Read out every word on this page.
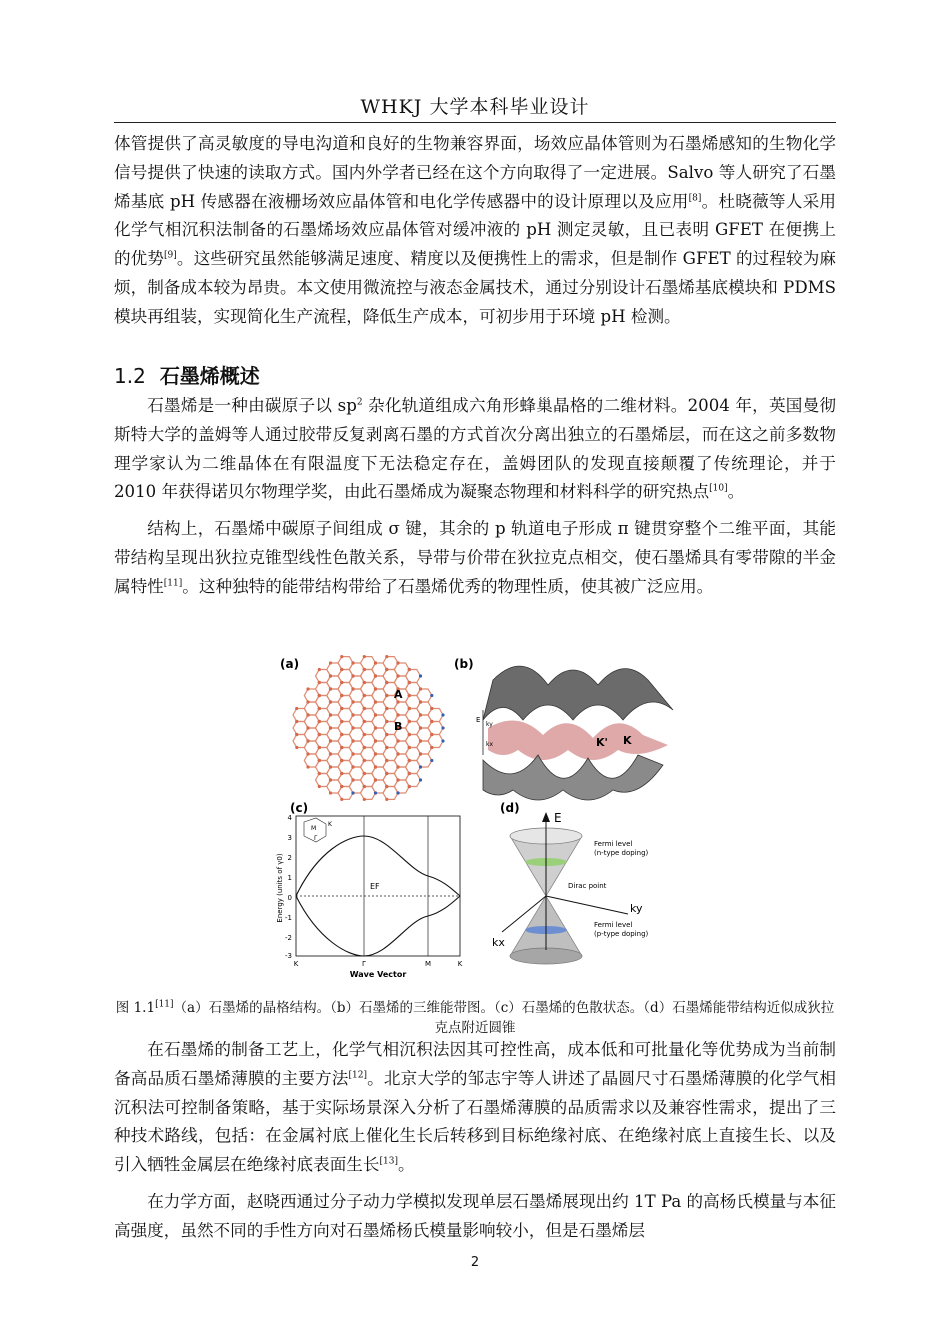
WHKJ 大学本科毕业设计

体管提供了高灵敏度的导电沟道和良好的生物兼容界面，场效应晶体管则为石墨烯感知的生物化学信号提供了快速的读取方式。国内外学者已经在这个方向取得了一定进展。Salvo 等人研究了石墨烯基底 pH 传感器在液栅场效应晶体管和电化学传感器中的设计原理以及应用[8]。杜晓薇等人采用化学气相沉积法制备的石墨烯场效应晶体管对缓冲液的 pH 测定灵敏，且已表明 GFET 在便携上的优势[9]。这些研究虽然能够满足速度、精度以及便携性上的需求，但是制作 GFET 的过程较为麻烦，制备成本较为昂贵。本文使用微流控与液态金属技术，通过分别设计石墨烯基底模块和 PDMS 模块再组装，实现简化生产流程，降低生产成本，可初步用于环境 pH 检测。

1.2 石墨烯概述

石墨烯是一种由碳原子以 $sp^2$ 杂化轨道组成六角形蜂巢晶格的二维材料。2004 年，英国曼彻斯特大学的盖姆等人通过胶带反复剥离石墨的方式首次分离出独立的石墨烯层，而在这之前多数物理学家认为二维晶体在有限温度下无法稳定存在，盖姆团队的发现直接颠覆了传统理论，并于 2010 年获得诺贝尔物理学奖，由此石墨烯成为凝聚态物理和材料科学的研究热点[10]。

结构上，石墨烯中碳原子间组成 σ 键，其余的 p 轨道电子形成 π 键贯穿整个二维平面，其能带结构呈现出狄拉克锥型线性色散关系，导带与价带在狄拉克点相交，使石墨烯具有零带隙的半金属特性[11]。这种独特的能带结构带给了石墨烯优秀的物理性质，使其被广泛应用。

(a)
A
B
(b)
E
ky
kx	K' K
(c)
EF
4
3
2
1
0
-1
-2
-3
K	Γ	M	K
Wave Vector
Energy (units of γ0)
M
K
Γ
(d)
E
ky
kx
Fermi level
(n-type doping)
Dirac point
Fermi level
(p-type doping)
图 1.1[11]（a）石墨烯的晶格结构。（b）石墨烯的三维能带图。（c）石墨烯的色散状态。（d）石墨烯能带结构近似成狄拉克点附近圆锥

在石墨烯的制备工艺上，化学气相沉积法因其可控性高，成本低和可批量化等优势成为当前制备高品质石墨烯薄膜的主要方法[12]。北京大学的邹志宇等人讲述了晶圆尺寸石墨烯薄膜的化学气相沉积法可控制备策略，基于实际场景深入分析了石墨烯薄膜的品质需求以及兼容性需求，提出了三种技术路线，包括：在金属衬底上催化生长后转移到目标绝缘衬底、在绝缘衬底上直接生长、以及引入牺牲金属层在绝缘衬底表面生长[13]。

在力学方面，赵晓西通过分子动力学模拟发现单层石墨烯展现出约 1T Pa 的高杨氏模量与本征高强度，虽然不同的手性方向对石墨烯杨氏模量影响较小，但是石墨烯层

2
